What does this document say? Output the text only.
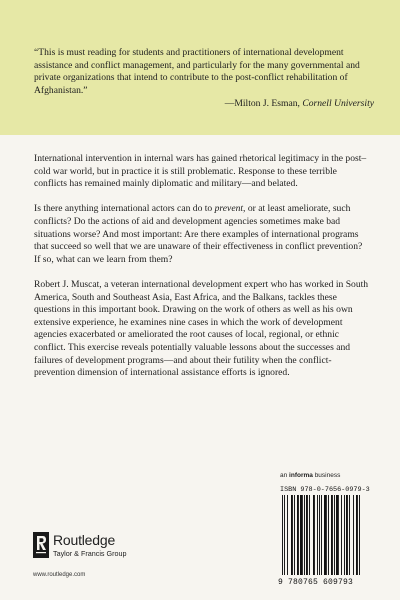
“This is must reading for students and practitioners of international development assistance and conflict management, and particularly for the many governmental and private organizations that intend to contribute to the post-conflict rehabilitation of Afghanistan.”

—Milton J. Esman, Cornell University

International intervention in internal wars has gained rhetorical legitimacy in the post–cold war world, but in practice it is still problematic. Response to these terrible conflicts has remained mainly diplomatic and military—and belated.

Is there anything international actors can do to prevent, or at least ameliorate, such conflicts? Do the actions of aid and development agencies sometimes make bad situations worse? And most important: Are there examples of international programs that succeed so well that we are unaware of their effectiveness in conflict prevention? If so, what can we learn from them?

Robert J. Muscat, a veteran international development expert who has worked in South America, South and Southeast Asia, East Africa, and the Balkans, tackles these questions in this important book. Drawing on the work of others as well as his own extensive experience, he examines nine cases in which the work of development agencies exacerbated or ameliorated the root causes of local, regional, or ethnic conflict. This exercise reveals potentially valuable lessons about the successes and failures of development programs—and about their futility when the conflict-prevention dimension of international assistance efforts is ignored.

Routledge
Taylor & Francis Group
www.routledge.com
an informa business
ISBN 978-0-7656-0979-3
9 780765 609793
